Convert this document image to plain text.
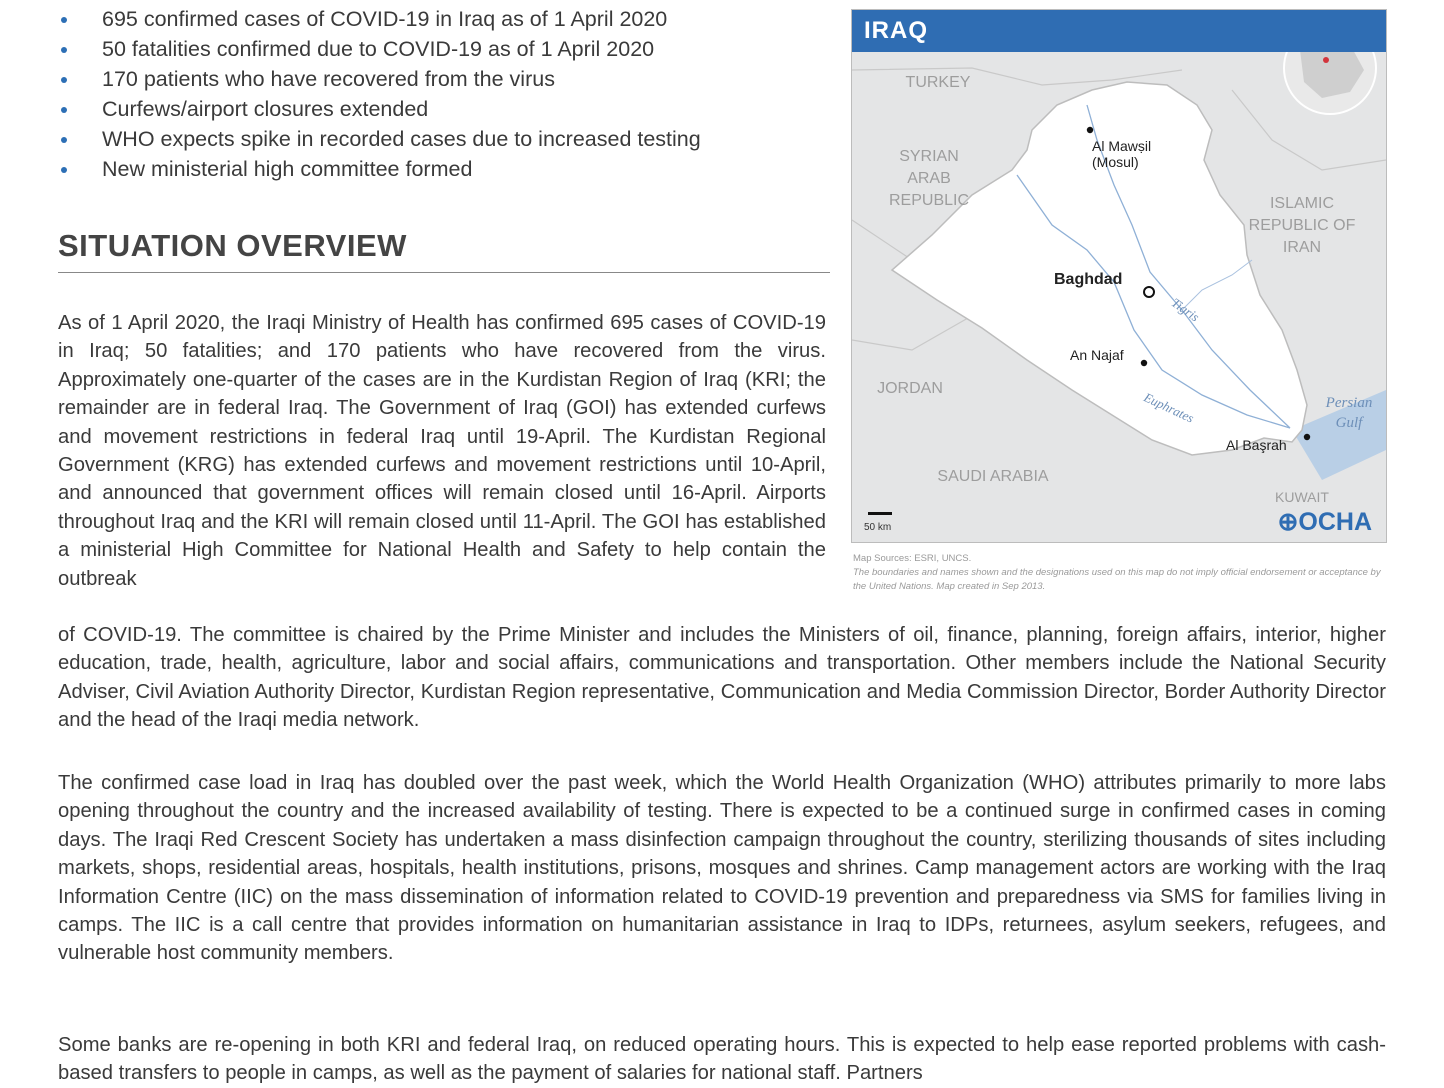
695 confirmed cases of COVID-19 in Iraq as of 1 April 2020
50 fatalities confirmed due to COVID-19 as of 1 April 2020
170 patients who have recovered from the virus
Curfews/airport closures extended
WHO expects spike in recorded cases due to increased testing
New ministerial high committee formed
SITUATION OVERVIEW

As of 1 April 2020, the Iraqi Ministry of Health has confirmed 695 cases of COVID-19 in Iraq; 50 fatalities; and 170 patients who have recovered from the virus. Approximately one-quarter of the cases are in the Kurdistan Region of Iraq (KRI; the remainder are in federal Iraq. The Government of Iraq (GOI) has extended curfews and movement restrictions in federal Iraq until 19-April. The Kurdistan Regional Government (KRG) has extended curfews and movement restrictions until 10-April, and announced that government offices will remain closed until 16-April. Airports throughout Iraq and the KRI will remain closed until 11-April. The GOI has established a ministerial High Committee for National Health and Safety to help contain the outbreak

of COVID-19. The committee is chaired by the Prime Minister and includes the Ministers of oil, finance, planning, foreign affairs, interior, higher education, trade, health, agriculture, labor and social affairs, communications and transportation. Other members include the National Security Adviser, Civil Aviation Authority Director, Kurdistan Region representative, Communication and Media Commission Director, Border Authority Director and the head of the Iraqi media network.

The confirmed case load in Iraq has doubled over the past week, which the World Health Organization (WHO) attributes primarily to more labs opening throughout the country and the increased availability of testing. There is expected to be a continued surge in confirmed cases in coming days. The Iraqi Red Crescent Society has undertaken a mass disinfection campaign throughout the country, sterilizing thousands of sites including markets, shops, residential areas, hospitals, health institutions, prisons, mosques and shrines. Camp management actors are working with the Iraq Information Centre (IIC) on the mass dissemination of information related to COVID-19 prevention and preparedness via SMS for families living in camps. The IIC is a call centre that provides information on humanitarian assistance in Iraq to IDPs, returnees, asylum seekers, refugees, and vulnerable host community members.

Some banks are re-opening in both KRI and federal Iraq, on reduced operating hours. This is expected to help ease reported problems with cash-based transfers to people in camps, as well as the payment of salaries for national staff. Partners

IRAQ
TURKEY
SYRIAN ARAB REPUBLIC	ISLAMIC REPUBLIC OF IRAN
JORDAN
SAUDI ARABIA
KUWAIT
Al Mawṣil (Mosul)
Baghdad
An Najaf
Al Başrah
Tigris
Euphrates	Persian Gulf
50 km	⊕OCHA
Map Sources: ESRI, UNCS.
The boundaries and names shown and the designations used on this map do not imply official endorsement or acceptance by the United Nations. Map created in Sep 2013.
